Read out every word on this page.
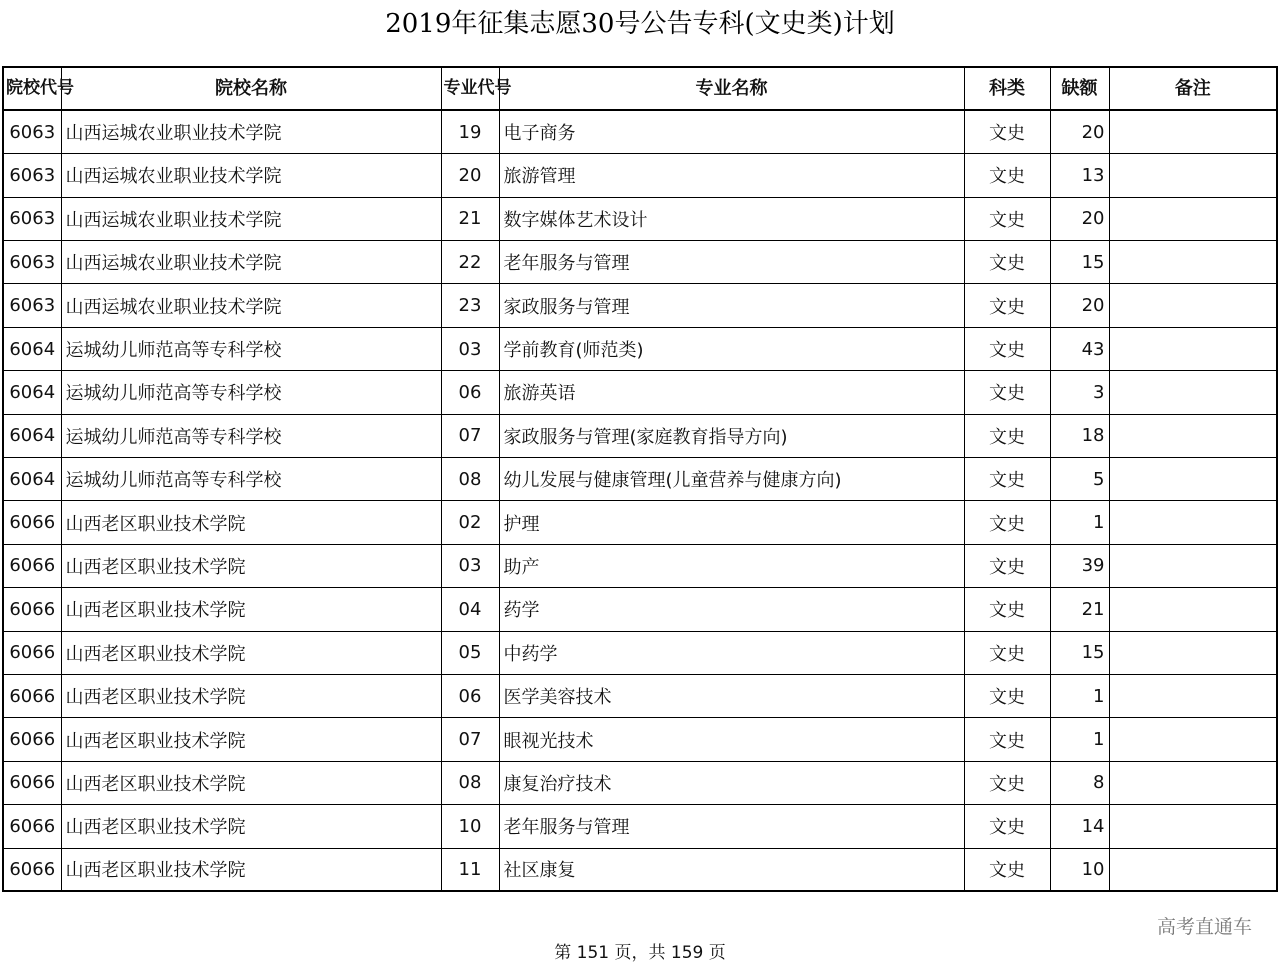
2019年征集志愿30号公告专科(文史类)计划
院校代号	院校名称	专业代号	专业名称	科类	缺额	备注
6063	山西运城农业职业技术学院	19	电子商务	文史	20	
6063	山西运城农业职业技术学院	20	旅游管理	文史	13	
6063	山西运城农业职业技术学院	21	数字媒体艺术设计	文史	20	
6063	山西运城农业职业技术学院	22	老年服务与管理	文史	15	
6063	山西运城农业职业技术学院	23	家政服务与管理	文史	20	
6064	运城幼儿师范高等专科学校	03	学前教育(师范类)	文史	43	
6064	运城幼儿师范高等专科学校	06	旅游英语	文史	3	
6064	运城幼儿师范高等专科学校	07	家政服务与管理(家庭教育指导方向)	文史	18	
6064	运城幼儿师范高等专科学校	08	幼儿发展与健康管理(儿童营养与健康方向)	文史	5	
6066	山西老区职业技术学院	02	护理	文史	1	
6066	山西老区职业技术学院	03	助产	文史	39	
6066	山西老区职业技术学院	04	药学	文史	21	
6066	山西老区职业技术学院	05	中药学	文史	15	
6066	山西老区职业技术学院	06	医学美容技术	文史	1	
6066	山西老区职业技术学院	07	眼视光技术	文史	1	
6066	山西老区职业技术学院	08	康复治疗技术	文史	8	
6066	山西老区职业技术学院	10	老年服务与管理	文史	14	
6066	山西老区职业技术学院	11	社区康复	文史	10	
高考直通车
第 151 页，共 159 页
